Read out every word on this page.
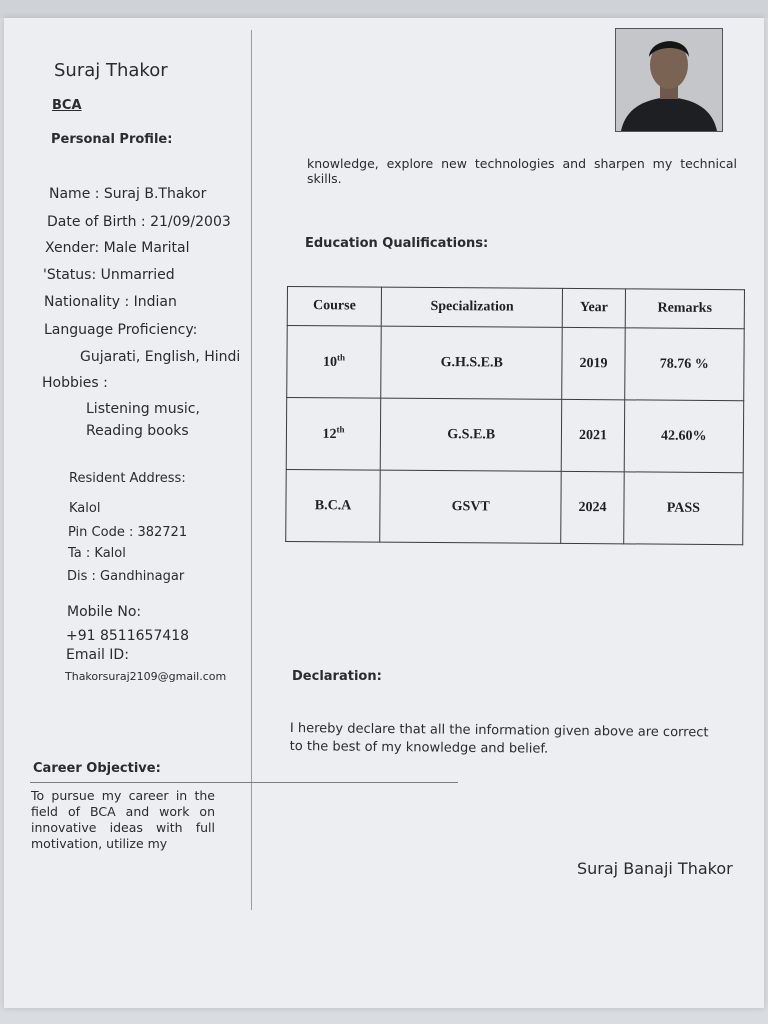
Suraj Thakor
BCA
Personal Profile:
Name : Suraj B.Thakor
Date of Birth : 21/09/2003
Xender: Male Marital
'Status: Unmarried
Nationality : Indian
Language Proficiency:
Gujarati, English, Hindi
Hobbies :
Listening music,
Reading books
Resident Address:
Kalol
Pin Code : 382721
Ta : Kalol
Dis : Gandhinagar
Mobile No:
+91 8511657418
Email ID:
Thakorsuraj2109@gmail.com
Career Objective:
To pursue my career in the field of BCA and work on innovative ideas with full motivation, utilize my
knowledge, explore new technologies and sharpen my technical skills.
Education Qualifications:
Course	Specialization	Year	Remarks
10th	G.H.S.E.B	2019	78.76 %
12th	G.S.E.B	2021	42.60%
B.C.A	GSVT	2024	PASS
Declaration:
I hereby declare that all the information given above are correct to the best of my knowledge and belief.
Suraj Banaji Thakor
